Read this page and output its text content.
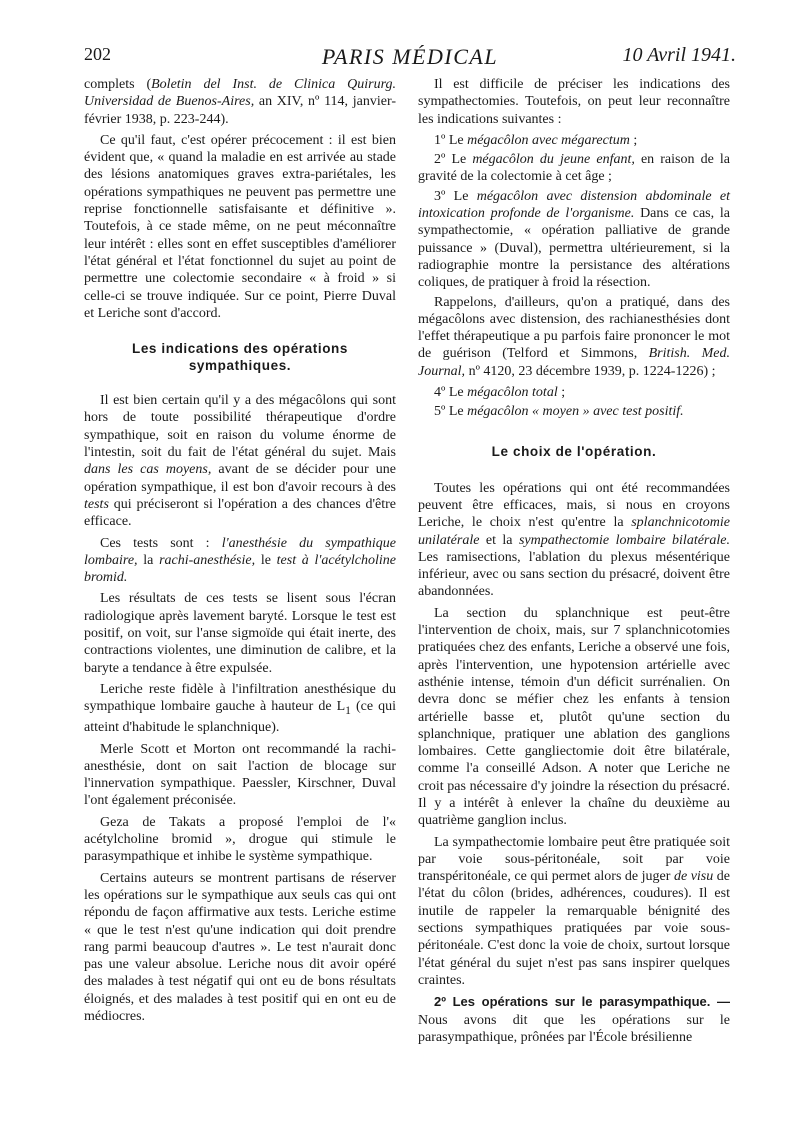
202	PARIS MÉDICAL	10 Avril 1941.

complets (Boletin del Inst. de Clinica Quirurg. Universidad de Buenos-Aires, an XIV, nº 114, janvier-février 1938, p. 223-244).

Ce qu'il faut, c'est opérer précocement : il est bien évident que, « quand la maladie en est arrivée au stade des lésions anatomiques graves extra-pariétales, les opérations sympathiques ne peuvent pas permettre une reprise fonctionnelle satisfaisante et définitive ». Toutefois, à ce stade même, on ne peut méconnaître leur intérêt : elles sont en effet susceptibles d'améliorer l'état général et l'état fonctionnel du sujet au point de permettre une colectomie secondaire « à froid » si celle-ci se trouve indiquée. Sur ce point, Pierre Duval et Leriche sont d'accord.

Les indications des opérations sympathiques.

Il est bien certain qu'il y a des mégacôlons qui sont hors de toute possibilité thérapeutique d'ordre sympathique, soit en raison du volume énorme de l'intestin, soit du fait de l'état général du sujet. Mais dans les cas moyens, avant de se décider pour une opération sympathique, il est bon d'avoir recours à des tests qui préciseront si l'opération a des chances d'être efficace.

Ces tests sont : l'anesthésie du sympathique lombaire, la rachi-anesthésie, le test à l'acétylcholine bromid.

Les résultats de ces tests se lisent sous l'écran radiologique après lavement baryté. Lorsque le test est positif, on voit, sur l'anse sigmoïde qui était inerte, des contractions violentes, une diminution de calibre, et la baryte a tendance à être expulsée.

Leriche reste fidèle à l'infiltration anesthésique du sympathique lombaire gauche à hauteur de $L_1$ (ce qui atteint d'habitude le splanchnique).

Merle Scott et Morton ont recommandé la rachi-anesthésie, dont on sait l'action de blocage sur l'innervation sympathique. Paessler, Kirschner, Duval l'ont également préconisée.

Geza de Takats a proposé l'emploi de l'« acétylcholine bromid », drogue qui stimule le parasympathique et inhibe le système sympathique.

Certains auteurs se montrent partisans de réserver les opérations sur le sympathique aux seuls cas qui ont répondu de façon affirmative aux tests. Leriche estime « que le test n'est qu'une indication qui doit prendre rang parmi beaucoup d'autres ». Le test n'aurait donc pas une valeur absolue. Leriche nous dit avoir opéré des malades à test négatif qui ont eu de bons résultats éloignés, et des malades à test positif qui en ont eu de médiocres.

Il est difficile de préciser les indications des sympathectomies. Toutefois, on peut leur reconnaître les indications suivantes :

1º Le mégacôlon avec mégarectum ;

2º Le mégacôlon du jeune enfant, en raison de la gravité de la colectomie à cet âge ;

3º Le mégacôlon avec distension abdominale et intoxication profonde de l'organisme. Dans ce cas, la sympathectomie, « opération palliative de grande puissance » (Duval), permettra ultérieurement, si la radiographie montre la persistance des altérations coliques, de pratiquer à froid la résection.

Rappelons, d'ailleurs, qu'on a pratiqué, dans des mégacôlons avec distension, des rachianesthésies dont l'effet thérapeutique a pu parfois faire prononcer le mot de guérison (Telford et Simmons, British. Med. Journal, nº 4120, 23 décembre 1939, p. 1224-1226) ;

4º Le mégacôlon total ;

5º Le mégacôlon « moyen » avec test positif.

Le choix de l'opération.

Toutes les opérations qui ont été recommandées peuvent être efficaces, mais, si nous en croyons Leriche, le choix n'est qu'entre la splanchnicotomie unilatérale et la sympathectomie lombaire bilatérale. Les ramisections, l'ablation du plexus mésentérique inférieur, avec ou sans section du présacré, doivent être abandonnées.

La section du splanchnique est peut-être l'intervention de choix, mais, sur 7 splanchnicotomies pratiquées chez des enfants, Leriche a observé une fois, après l'intervention, une hypotension artérielle avec asthénie intense, témoin d'un déficit surrénalien. On devra donc se méfier chez les enfants à tension artérielle basse et, plutôt qu'une section du splanchnique, pratiquer une ablation des ganglions lombaires. Cette gangliectomie doit être bilatérale, comme l'a conseillé Adson. A noter que Leriche ne croit pas nécessaire d'y joindre la résection du présacré. Il y a intérêt à enlever la chaîne du deuxième au quatrième ganglion inclus.

La sympathectomie lombaire peut être pratiquée soit par voie sous-péritonéale, soit par voie transpéritonéale, ce qui permet alors de juger de visu de l'état du côlon (brides, adhérences, coudures). Il est inutile de rappeler la remarquable bénignité des sections sympathiques pratiquées par voie sous-péritonéale. C'est donc la voie de choix, surtout lorsque l'état général du sujet n'est pas sans inspirer quelques craintes.

2º Les opérations sur le parasympathique. — Nous avons dit que les opérations sur le parasympathique, prônées par l'École brésilienne
